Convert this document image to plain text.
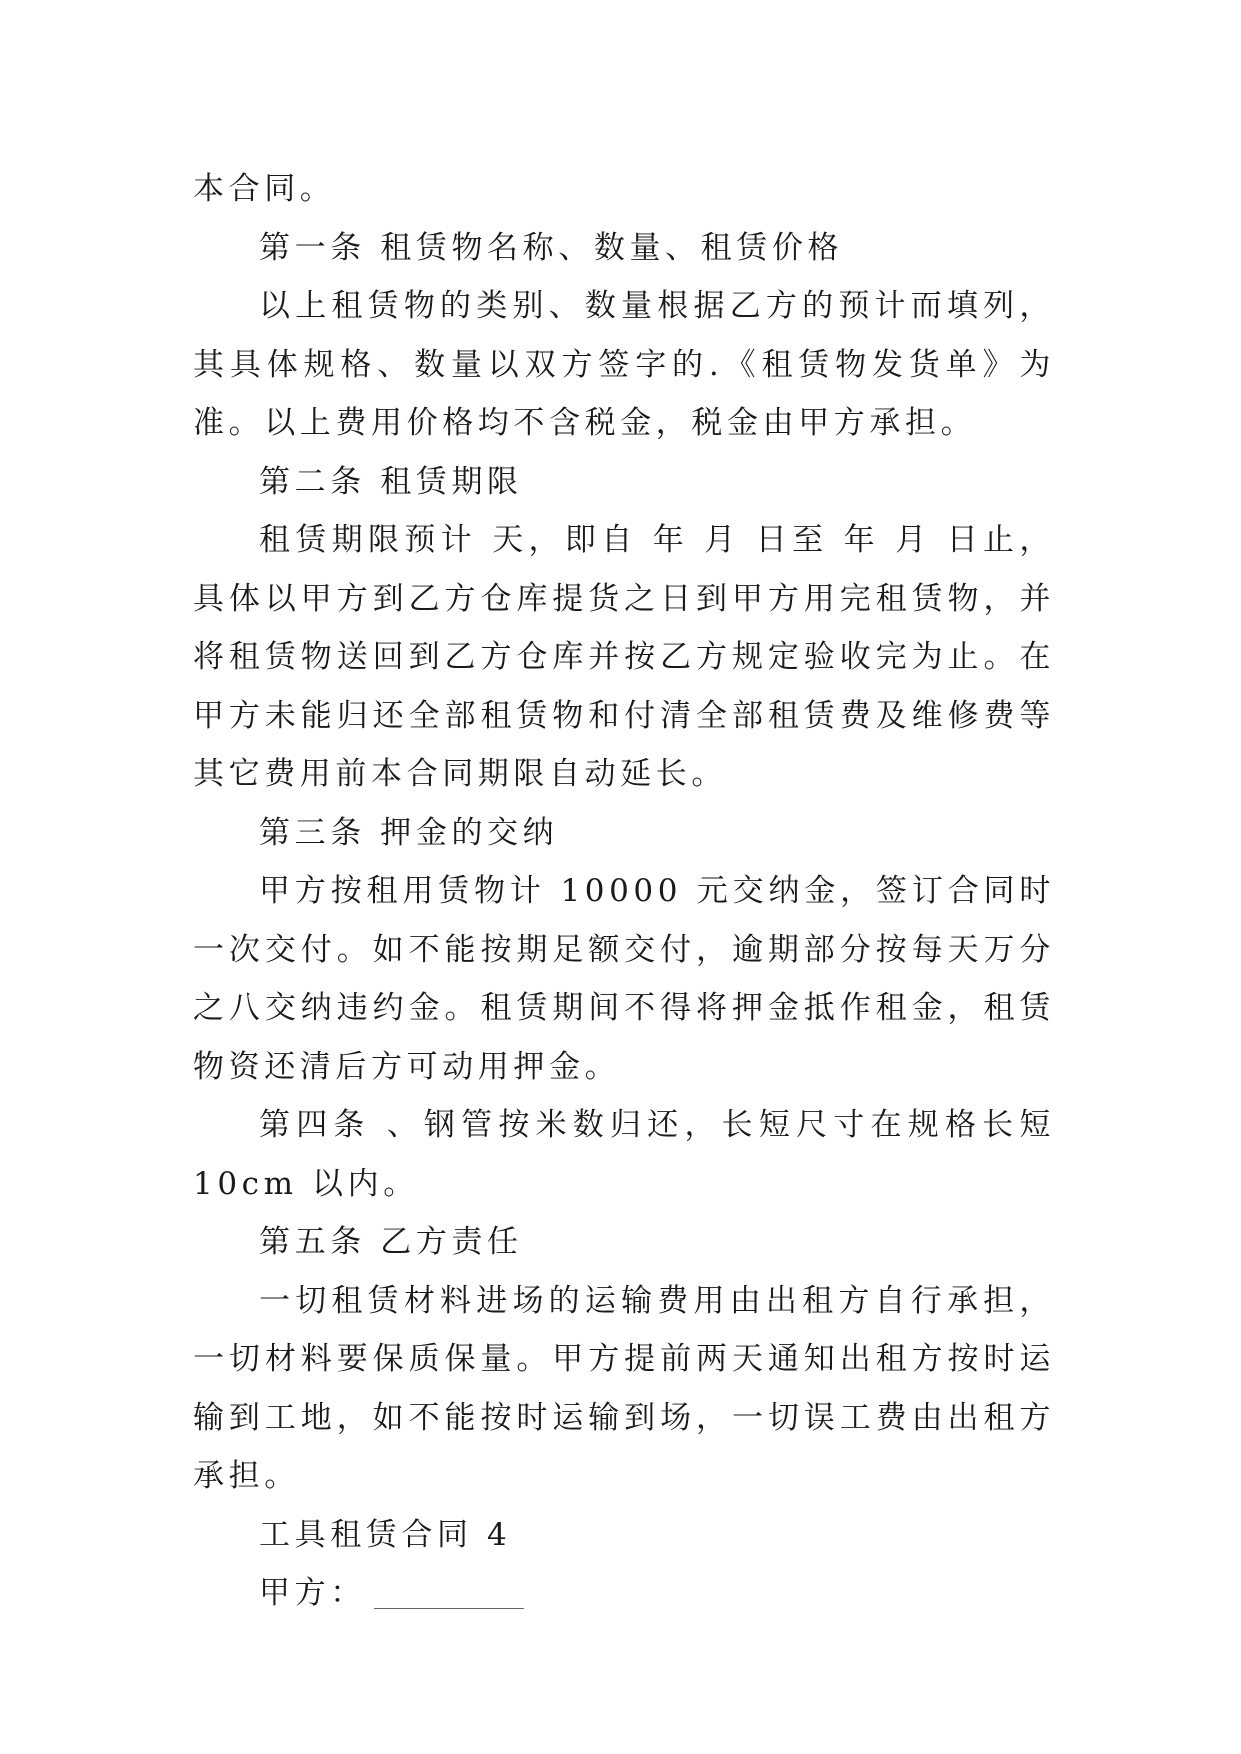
本合同。

第一条 租赁物名称、数量、租赁价格

以上租赁物的类别、数量根据乙方的预计而填列，其具体规格、数量以双方签字的.《租赁物发货单》为准。以上费用价格均不含税金，税金由甲方承担。

第二条 租赁期限

租赁期限预计 天，即自 年 月 日至 年 月 日止，具体以甲方到乙方仓库提货之日到甲方用完租赁物，并将租赁物送回到乙方仓库并按乙方规定验收完为止。在甲方未能归还全部租赁物和付清全部租赁费及维修费等其它费用前本合同期限自动延长。

第三条 押金的交纳

甲方按租用赁物计 10000 元交纳金，签订合同时一次交付。如不能按期足额交付，逾期部分按每天万分之八交纳违约金。租赁期间不得将押金抵作租金，租赁物资还清后方可动用押金。

第四条 、钢管按米数归还，长短尺寸在规格长短 10cm 以内。

第五条 乙方责任

一切租赁材料进场的运输费用由出租方自行承担，一切材料要保质保量。甲方提前两天通知出租方按时运输到工地，如不能按时运输到场，一切误工费由出租方承担。

工具租赁合同 4

甲方：
